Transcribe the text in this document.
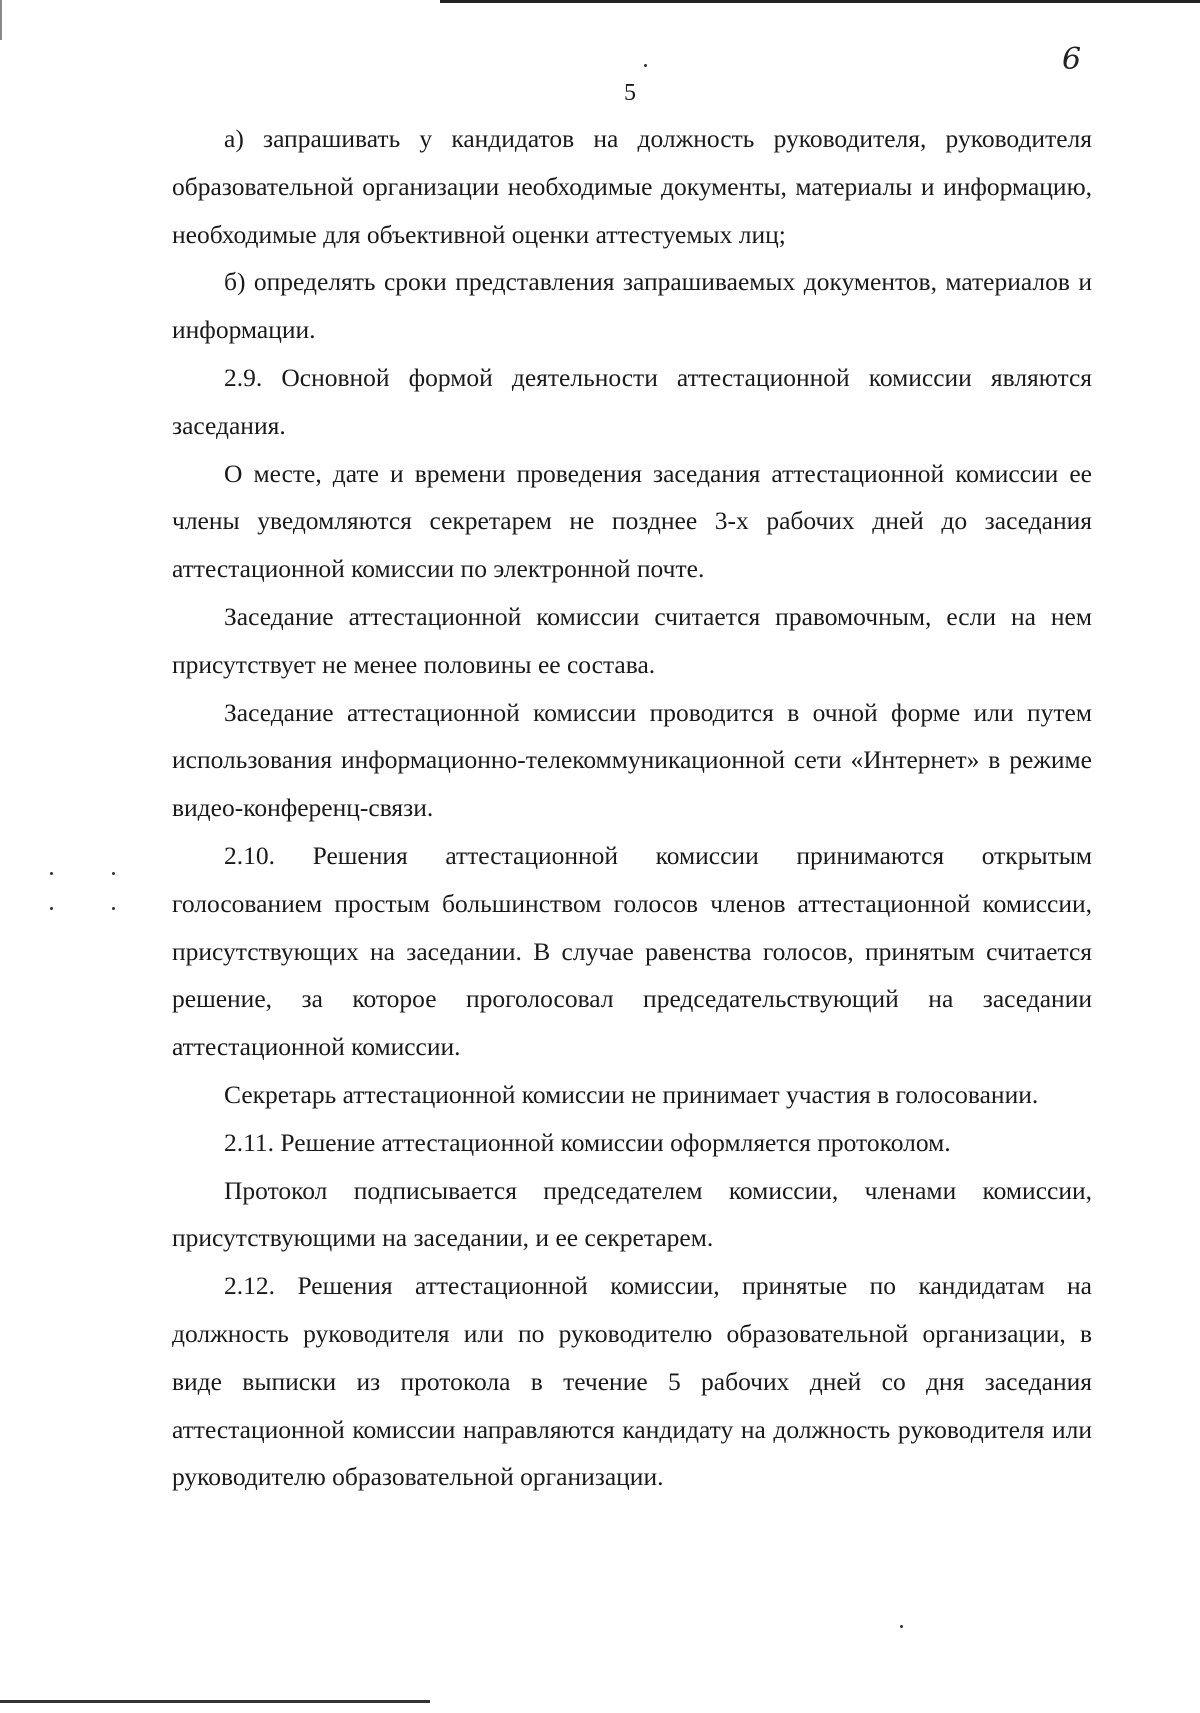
5
6

а) запрашивать у кандидатов на должность руководителя, руководителя образовательной организации необходимые документы, материалы и информацию, необходимые для объективной оценки аттестуемых лиц;

б) определять сроки представления запрашиваемых документов, материалов и информации.

2.9. Основной формой деятельности аттестационной комиссии являются заседания.

О месте, дате и времени проведения заседания аттестационной комиссии ее члены уведомляются секретарем не позднее 3-х рабочих дней до заседания аттестационной комиссии по электронной почте.

Заседание аттестационной комиссии считается правомочным, если на нем присутствует не менее половины ее состава.

Заседание аттестационной комиссии проводится в очной форме или путем использования информационно-телекоммуникационной сети «Интернет» в режиме видео-конференц-связи.

2.10. Решения аттестационной комиссии принимаются открытым голосованием простым большинством голосов членов аттестационной комиссии, присутствующих на заседании. В случае равенства голосов, принятым считается решение, за которое проголосовал председательствующий на заседании аттестационной комиссии.

Секретарь аттестационной комиссии не принимает участия в голосовании.

2.11. Решение аттестационной комиссии оформляется протоколом.

Протокол подписывается председателем комиссии, членами комиссии, присутствующими на заседании, и ее секретарем.

2.12. Решения аттестационной комиссии, принятые по кандидатам на должность руководителя или по руководителю образовательной организации, в виде выписки из протокола в течение 5 рабочих дней со дня заседания аттестационной комиссии направляются кандидату на должность руководителя или руководителю образовательной организации.
